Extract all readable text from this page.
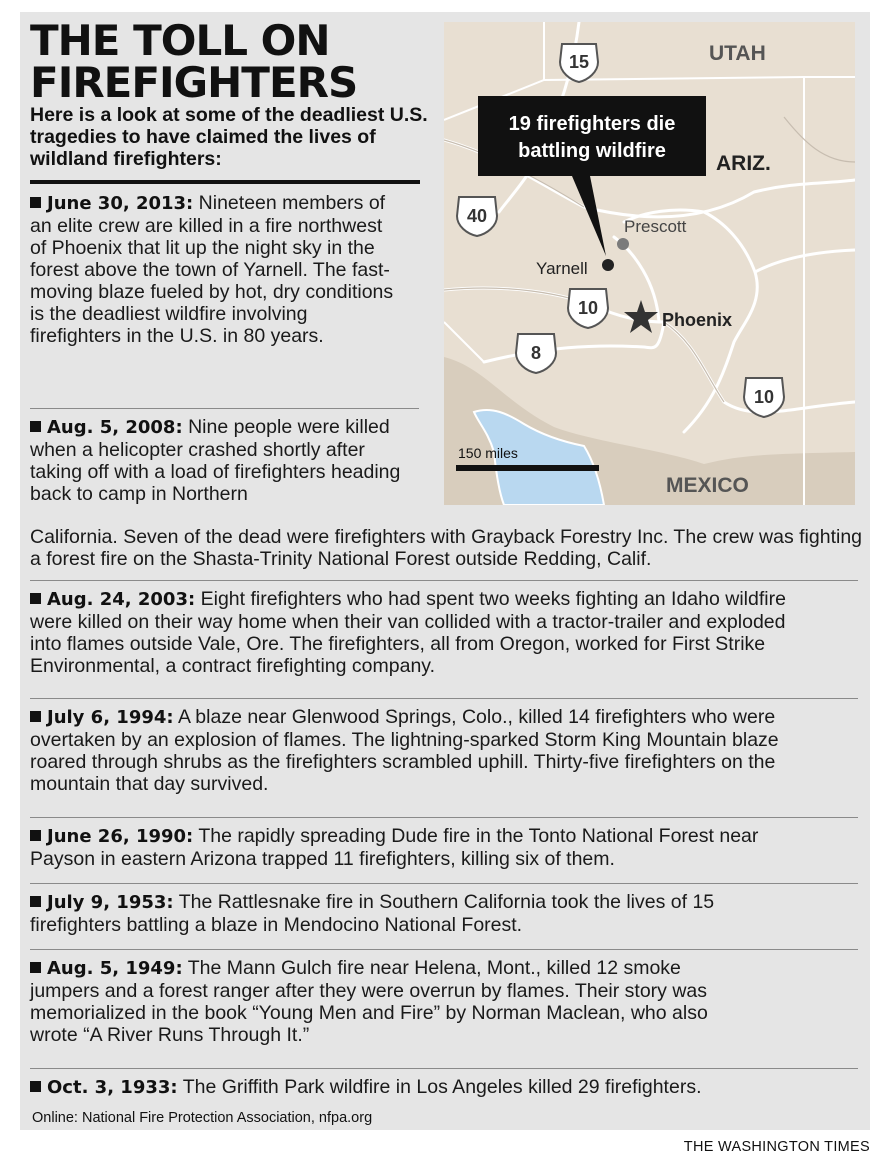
THE TOLL ON
FIREFIGHTERS
Here is a look at some of the deadliest U.S. tragedies to have claimed the lives of wildland firefighters:
June 30, 2013: Nineteen members of an elite crew are killed in a fire northwest of Phoenix that lit up the night sky in the forest above the town of Yarnell. The fast-moving blaze fueled by hot, dry conditions is the deadliest wildfire involving firefighters in the U.S. in 80 years.
Aug. 5, 2008: Nine people were killed when a helicopter crashed shortly after taking off with a load of firefighters heading back to camp in Northern
California. Seven of the dead were firefighters with Grayback Forestry Inc. The crew was fighting a forest fire on the Shasta-Trinity National Forest outside Redding, Calif.
Aug. 24, 2003: Eight firefighters who had spent two weeks fighting an Idaho wildfire were killed on their way home when their van collided with a tractor-trailer and exploded into flames outside Vale, Ore. The firefighters, all from Oregon, worked for First Strike Environmental, a contract firefighting company.
July 6, 1994: A blaze near Glenwood Springs, Colo., killed 14 firefighters who were overtaken by an explosion of flames. The lightning-sparked Storm King Mountain blaze roared through shrubs as the firefighters scrambled uphill. Thirty-five firefighters on the mountain that day survived.
June 26, 1990: The rapidly spreading Dude fire in the Tonto National Forest near Payson in eastern Arizona trapped 11 firefighters, killing six of them.
July 9, 1953: The Rattlesnake fire in Southern California took the lives of 15 firefighters battling a blaze in Mendocino National Forest.
Aug. 5, 1949: The Mann Gulch fire near Helena, Mont., killed 12 smoke jumpers and a forest ranger after they were overrun by flames. Their story was memorialized in the book “Young Men and Fire” by Norman Maclean, who also wrote “A River Runs Through It.”
Oct. 3, 1933: The Griffith Park wildfire in Los Angeles killed 29 firefighters.
Online: National Fire Protection Association, nfpa.org
THE WASHINGTON TIMES
UTAH
ARIZ.
MEXICO
Prescott
Yarnell
Phoenix
15
40
10
8
10
150 miles
19 firefighters die
battling wildfire
